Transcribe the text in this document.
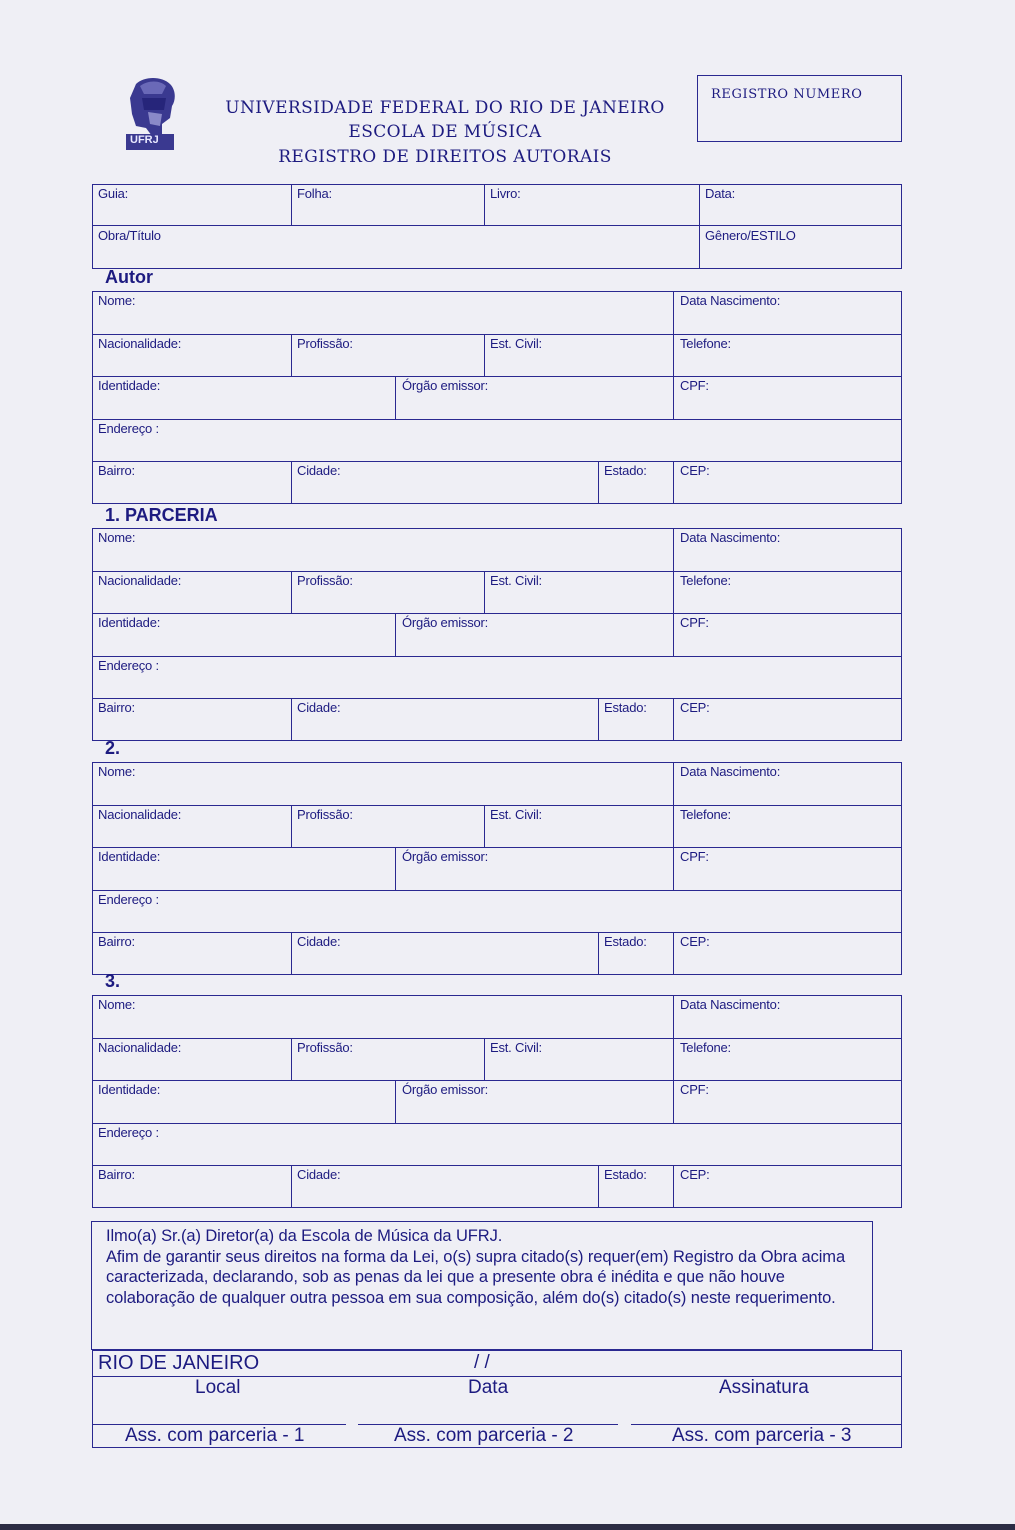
UFRJ
UNIVERSIDADE FEDERAL DO RIO DE JANEIRO
ESCOLA DE MÚSICA
REGISTRO DE DIREITOS AUTORAIS
REGISTRO NUMERO
Guia:	Folha:	Livro:	Data:
Obra/Título	Gênero/ESTILO
Autor
Nome:	Data Nascimento:
Nacionalidade:	Profissão:	Est. Civil:	Telefone:
Identidade:	Órgão emissor:	CPF:
Endereço :
Bairro:	Cidade:	Estado:	CEP:
1. PARCERIA
Nome:	Data Nascimento:
Nacionalidade:	Profissão:	Est. Civil:	Telefone:
Identidade:	Órgão emissor:	CPF:
Endereço :
Bairro:	Cidade:	Estado:	CEP:
2.
Nome:	Data Nascimento:
Nacionalidade:	Profissão:	Est. Civil:	Telefone:
Identidade:	Órgão emissor:	CPF:
Endereço :
Bairro:	Cidade:	Estado:	CEP:
3.
Nome:	Data Nascimento:
Nacionalidade:	Profissão:	Est. Civil:	Telefone:
Identidade:	Órgão emissor:	CPF:
Endereço :
Bairro:	Cidade:	Estado:	CEP:

Ilmo(a) Sr.(a) Diretor(a) da Escola de Música da UFRJ.
Afim de garantir seus direitos na forma da Lei, o(s) supra citado(s) requer(em) Registro da Obra acima caracterizada, declarando, sob as penas da lei que a presente obra é inédita e que não houve colaboração de qualquer outra pessoa em sua composição, além do(s) citado(s) neste requerimento.

RIO DE JANEIRO	/ /
Local	Data	Assinatura
Ass. com parceria - 1	Ass. com parceria - 2	Ass. com parceria - 3
